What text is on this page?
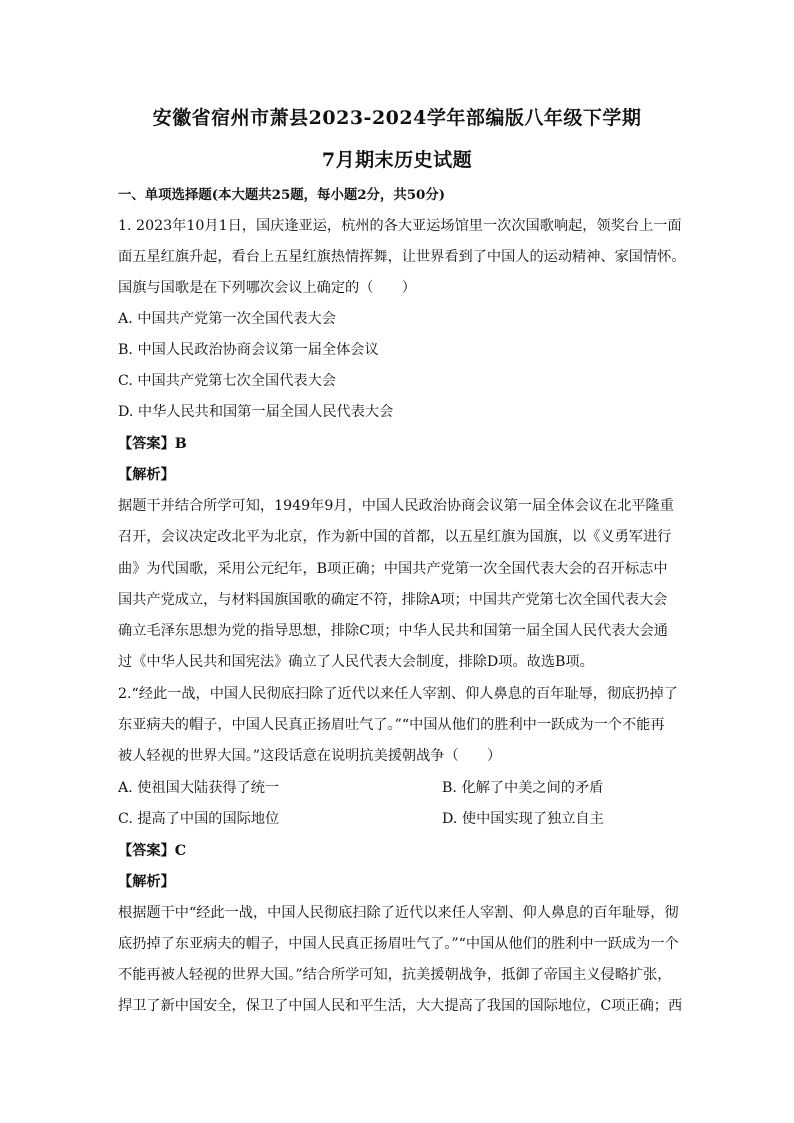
安徽省宿州市萧县2023-2024学年部编版八年级下学期
7月期末历史试题
一、单项选择题(本大题共25题，每小题2分，共50分)
1. 2023年10月1日，国庆逢亚运，杭州的各大亚运场馆里一次次国歌响起，领奖台上一面
面五星红旗升起，看台上五星红旗热情挥舞，让世界看到了中国人的运动精神、家国情怀。
国旗与国歌是在下列哪次会议上确定的（　　）
A. 中国共产党第一次全国代表大会
B. 中国人民政治协商会议第一届全体会议
C. 中国共产党第七次全国代表大会
D. 中华人民共和国第一届全国人民代表大会
【答案】B
【解析】
据题干并结合所学可知，1949年9月，中国人民政治协商会议第一届全体会议在北平隆重
召开，会议决定改北平为北京，作为新中国的首都，以五星红旗为国旗，以《义勇军进行
曲》为代国歌，采用公元纪年，B项正确；中国共产党第一次全国代表大会的召开标志中
国共产党成立，与材料国旗国歌的确定不符，排除A项；中国共产党第七次全国代表大会
确立毛泽东思想为党的指导思想，排除C项；中华人民共和国第一届全国人民代表大会通
过《中华人民共和国宪法》确立了人民代表大会制度，排除D项。故选B项。
2.“经此一战，中国人民彻底扫除了近代以来任人宰割、仰人鼻息的百年耻辱，彻底扔掉了
东亚病夫的帽子，中国人民真正扬眉吐气了。”“中国从他们的胜利中一跃成为一个不能再
被人轻视的世界大国。”这段话意在说明抗美援朝战争（　　）
A. 使祖国大陆获得了统一	B. 化解了中美之间的矛盾
C. 提高了中国的国际地位	D. 使中国实现了独立自主
【答案】C
【解析】
根据题干中“经此一战，中国人民彻底扫除了近代以来任人宰割、仰人鼻息的百年耻辱，彻
底扔掉了东亚病夫的帽子，中国人民真正扬眉吐气了。”“中国从他们的胜利中一跃成为一个
不能再被人轻视的世界大国。”结合所学可知，抗美援朝战争，抵御了帝国主义侵略扩张，
捍卫了新中国安全，保卫了中国人民和平生活，大大提高了我国的国际地位，C项正确；西
